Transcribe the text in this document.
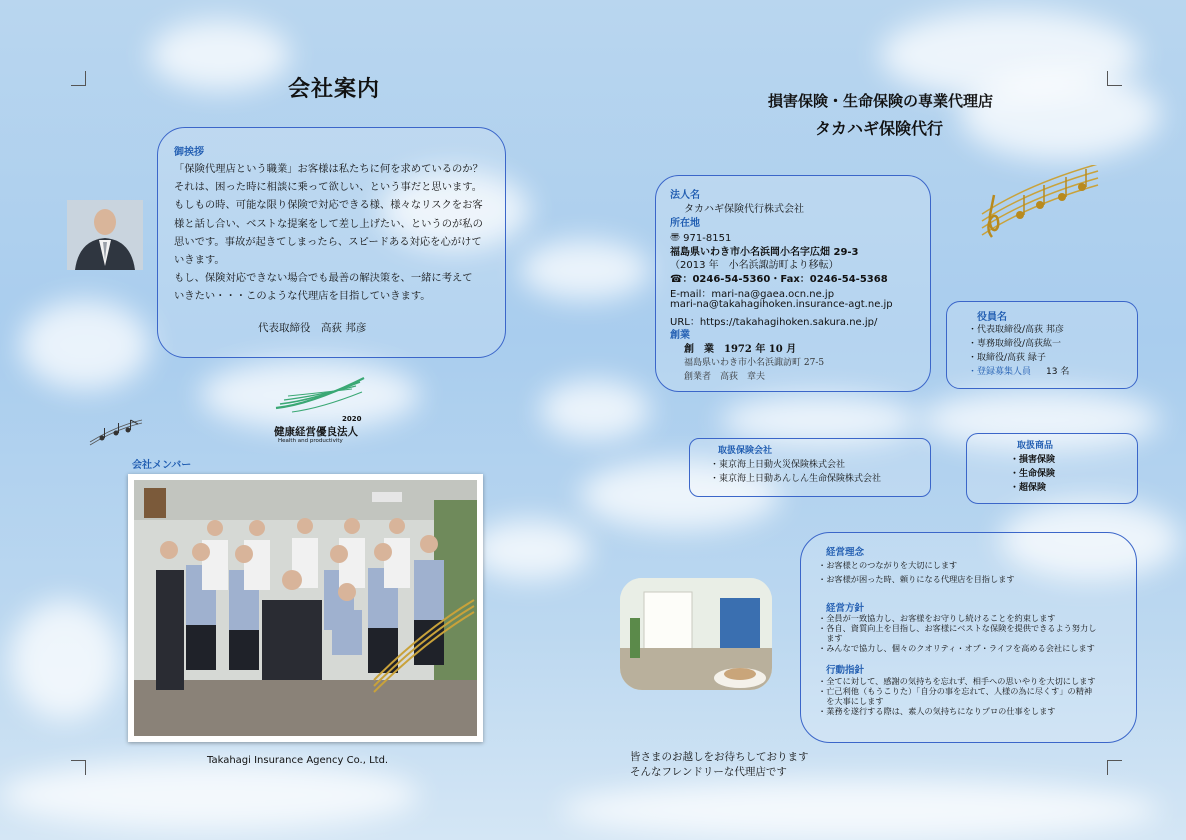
会社案内
御挨拶
「保険代理店という職業」お客様は私たちに何を求めているのか？
それは、困った時に相談に乗って欲しい、という事だと思います。
もしもの時、可能な限り保険で対応できる様、様々なリスクをお客
様と話し合い、ベストな提案をして差し上げたい、というのが私の
思いです。事故が起きてしまったら、スピードある対応を心がけて
いきます。
もし、保険対応できない場合でも最善の解決策を、一緒に考えて
いきたい・・・このような代理店を目指していきます。
代表取締役　高荻 邦彦
2020
健康経営優良法人
Health and productivity
会社メンバー
Takahagi Insurance Agency Co., Ltd.
損害保険・生命保険の専業代理店
タカハギ保険代行
法人名
タカハギ保険代行株式会社
所在地
〠 971-8151
福島県いわき市小名浜岡小名字広畑 29-3
（2013 年　小名浜諏訪町より移転）
☎：0246-54-5360・Fax：0246-54-5368
E-mail：mari-na@gaea.ocn.ne.jp
mari-na@takahagihoken.insurance-agt.ne.jp
URL：https://takahagihoken.sakura.ne.jp/
創業
創　業　1972 年 10 月
福島県いわき市小名浜諏訪町 27-5
創業者　高荻　章夫
役員名
・代表取締役/高荻 邦彦
・専務取締役/高荻紘一
・取締役/高荻 緑子
・登録募集人員 13 名
取扱保険会社
・東京海上日動火災保険株式会社
・東京海上日動あんしん生命保険株式会社
取扱商品
・損害保険
・生命保険
・超保険
経営理念
・お客様とのつながりを大切にします
・お客様が困った時、頼りになる代理店を目指します
経営方針
・全員が一致協力し、お客様をお守りし続けることを約束します
・各自、資質向上を目指し、お客様にベストな保険を提供できるよう努力し
　ます
・みんなで協力し、個々のクオリティ・オブ・ライフを高める会社にします
行動指針
・全てに対して、感謝の気持ちを忘れず、相手への思いやりを大切にします
・亡己利他（もうこりた）「自分の事を忘れて、人様の為に尽くす」の精神
　を大事にします
・業務を遂行する際は、素人の気持ちになりプロの仕事をします
皆さまのお越しをお待ちしております
そんなフレンドリーな代理店です
